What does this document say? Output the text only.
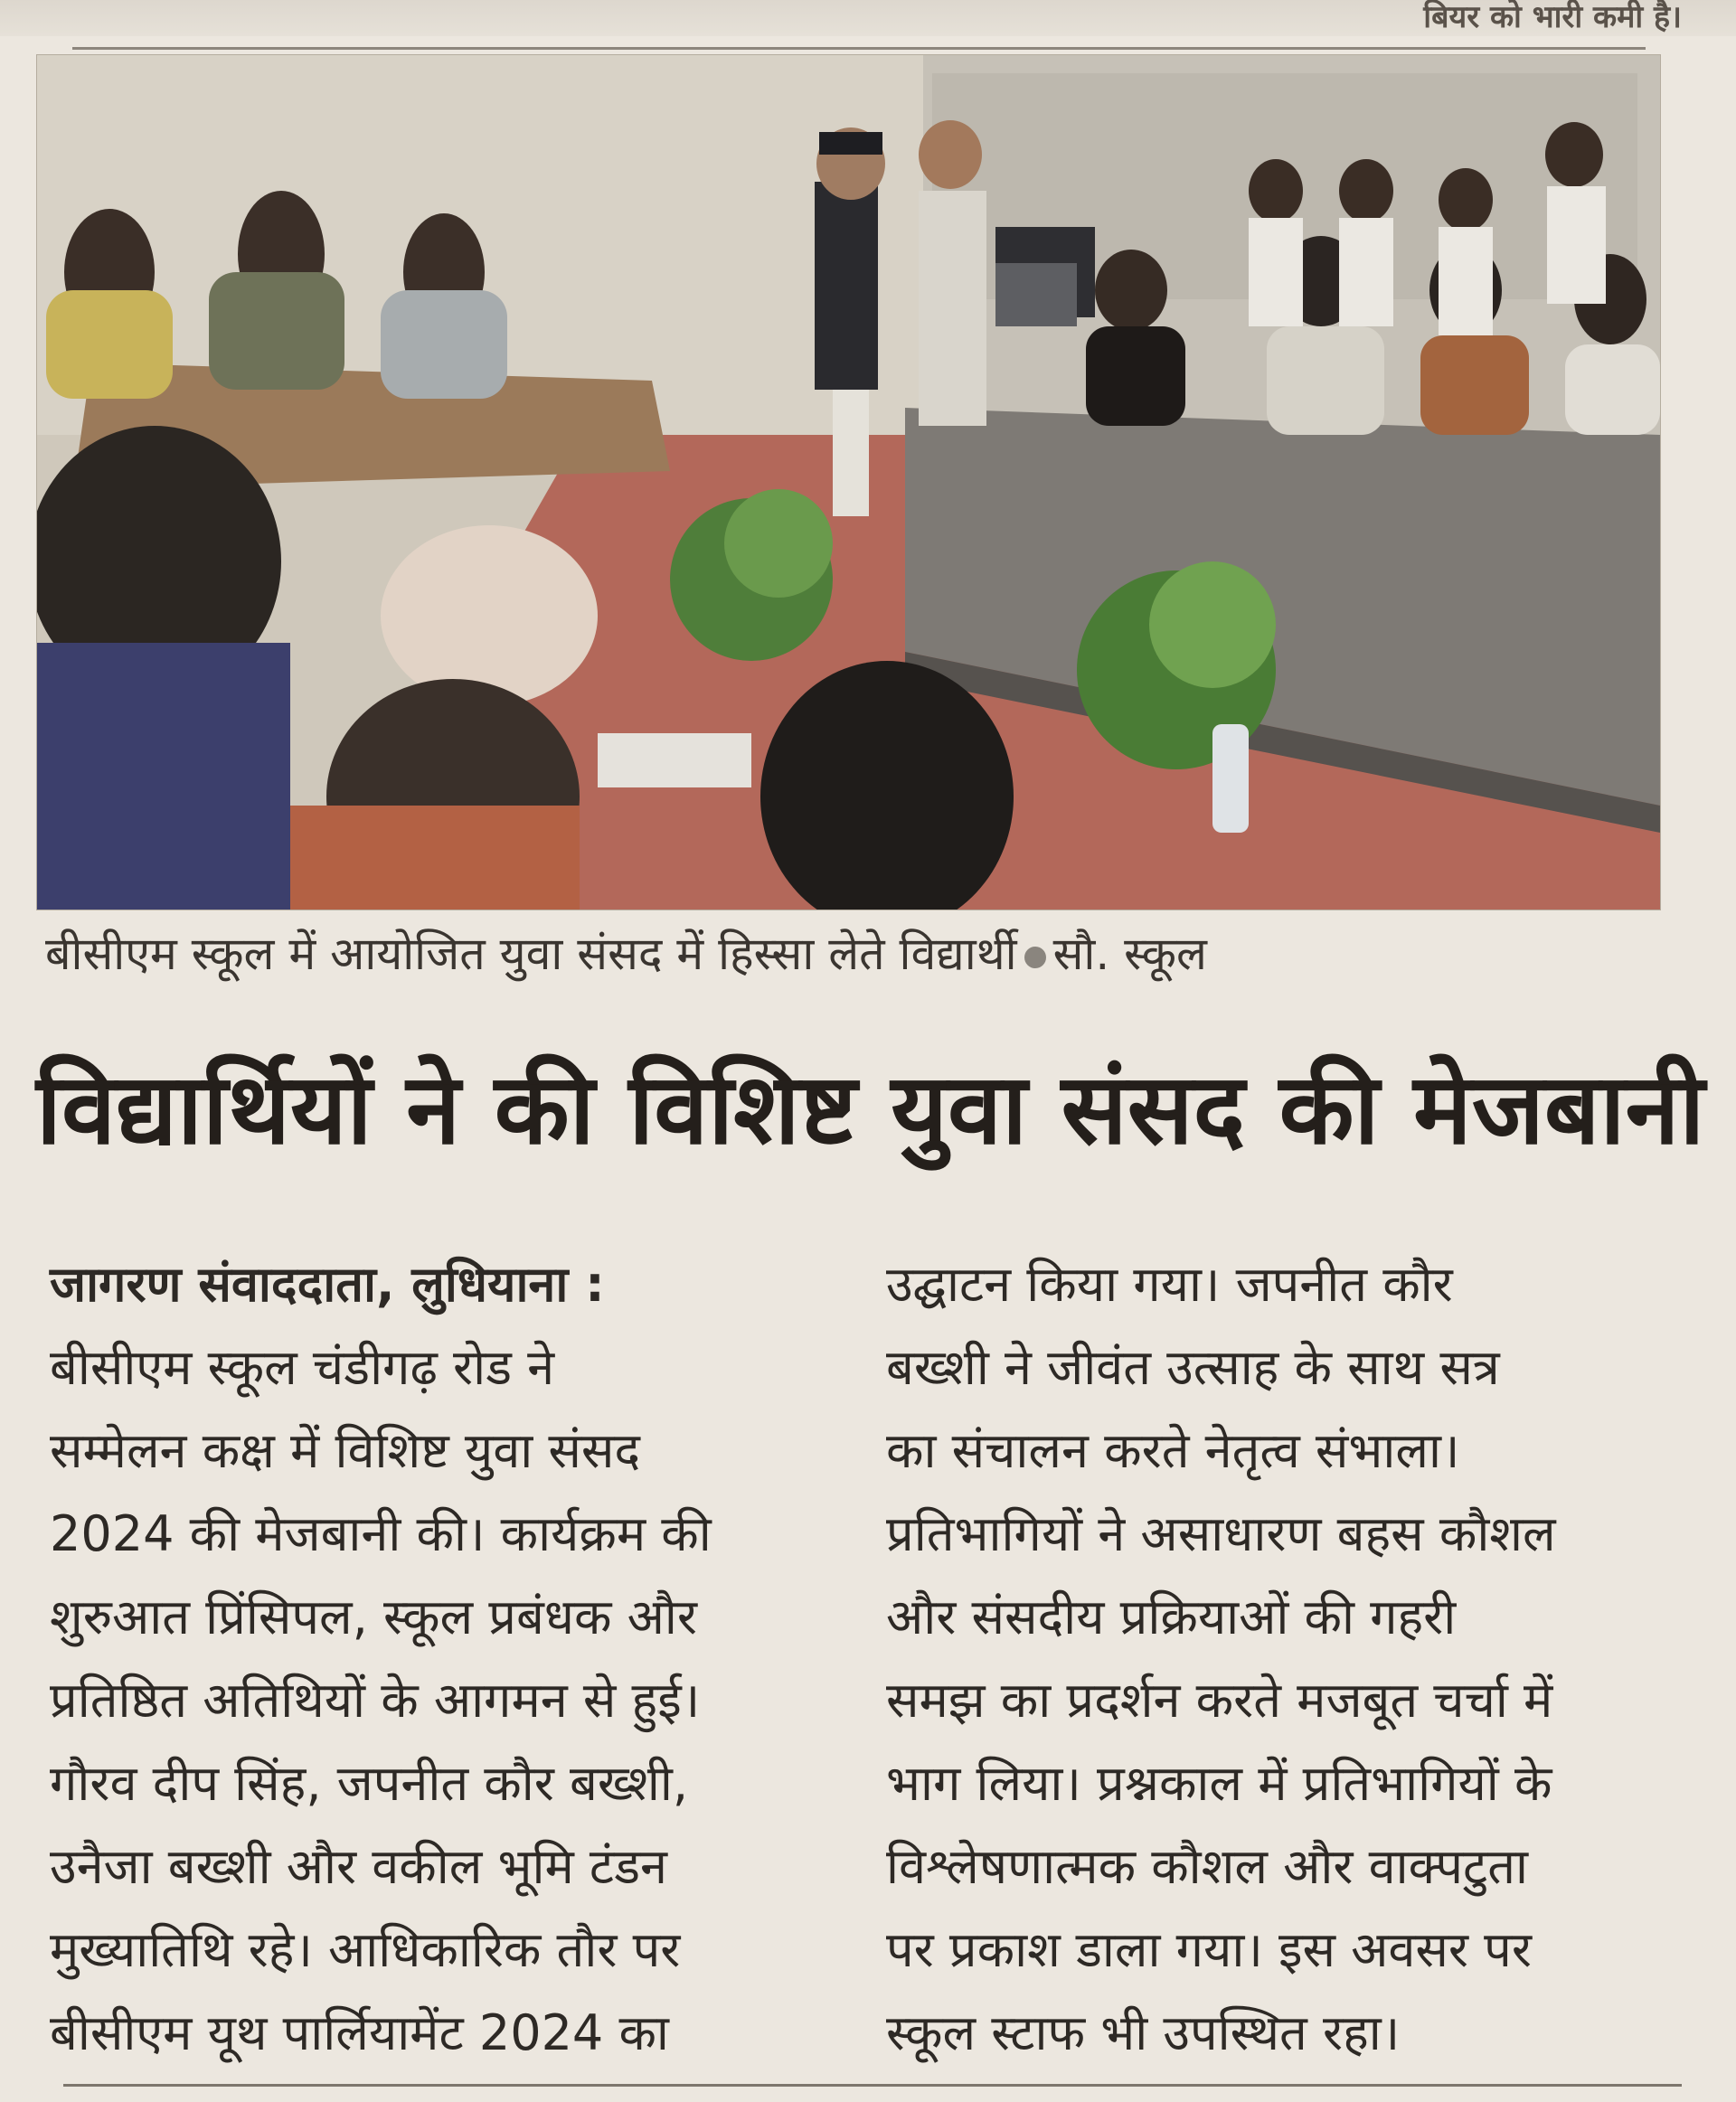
बियर को भारी कमी है।
बीसीएम स्कूल में आयोजित युवा संसद में हिस्सा लेते विद्यार्थी सौ. स्कूल
विद्यार्थियों ने की विशिष्ट युवा संसद की मेजबानी
जागरण संवाददाता, लुधियाना :
बीसीएम स्कूल चंडीगढ़ रोड ने
सम्मेलन कक्ष में विशिष्ट युवा संसद
2024 की मेजबानी की। कार्यक्रम की
शुरुआत प्रिंसिपल, स्कूल प्रबंधक और
प्रतिष्ठित अतिथियों के आगमन से हुई।
गौरव दीप सिंह, जपनीत कौर बख्शी,
उनैजा बख्शी और वकील भूमि टंडन
मुख्यातिथि रहे। आधिकारिक तौर पर
बीसीएम यूथ पार्लियामेंट 2024 का
उद्घाटन किया गया। जपनीत कौर
बख्शी ने जीवंत उत्साह के साथ सत्र
का संचालन करते नेतृत्व संभाला।
प्रतिभागियों ने असाधारण बहस कौशल
और संसदीय प्रक्रियाओं की गहरी
समझ का प्रदर्शन करते मजबूत चर्चा में
भाग लिया। प्रश्नकाल में प्रतिभागियों के
विश्लेषणात्मक कौशल और वाक्पटुता
पर प्रकाश डाला गया। इस अवसर पर
स्कूल स्टाफ भी उपस्थित रहा।
